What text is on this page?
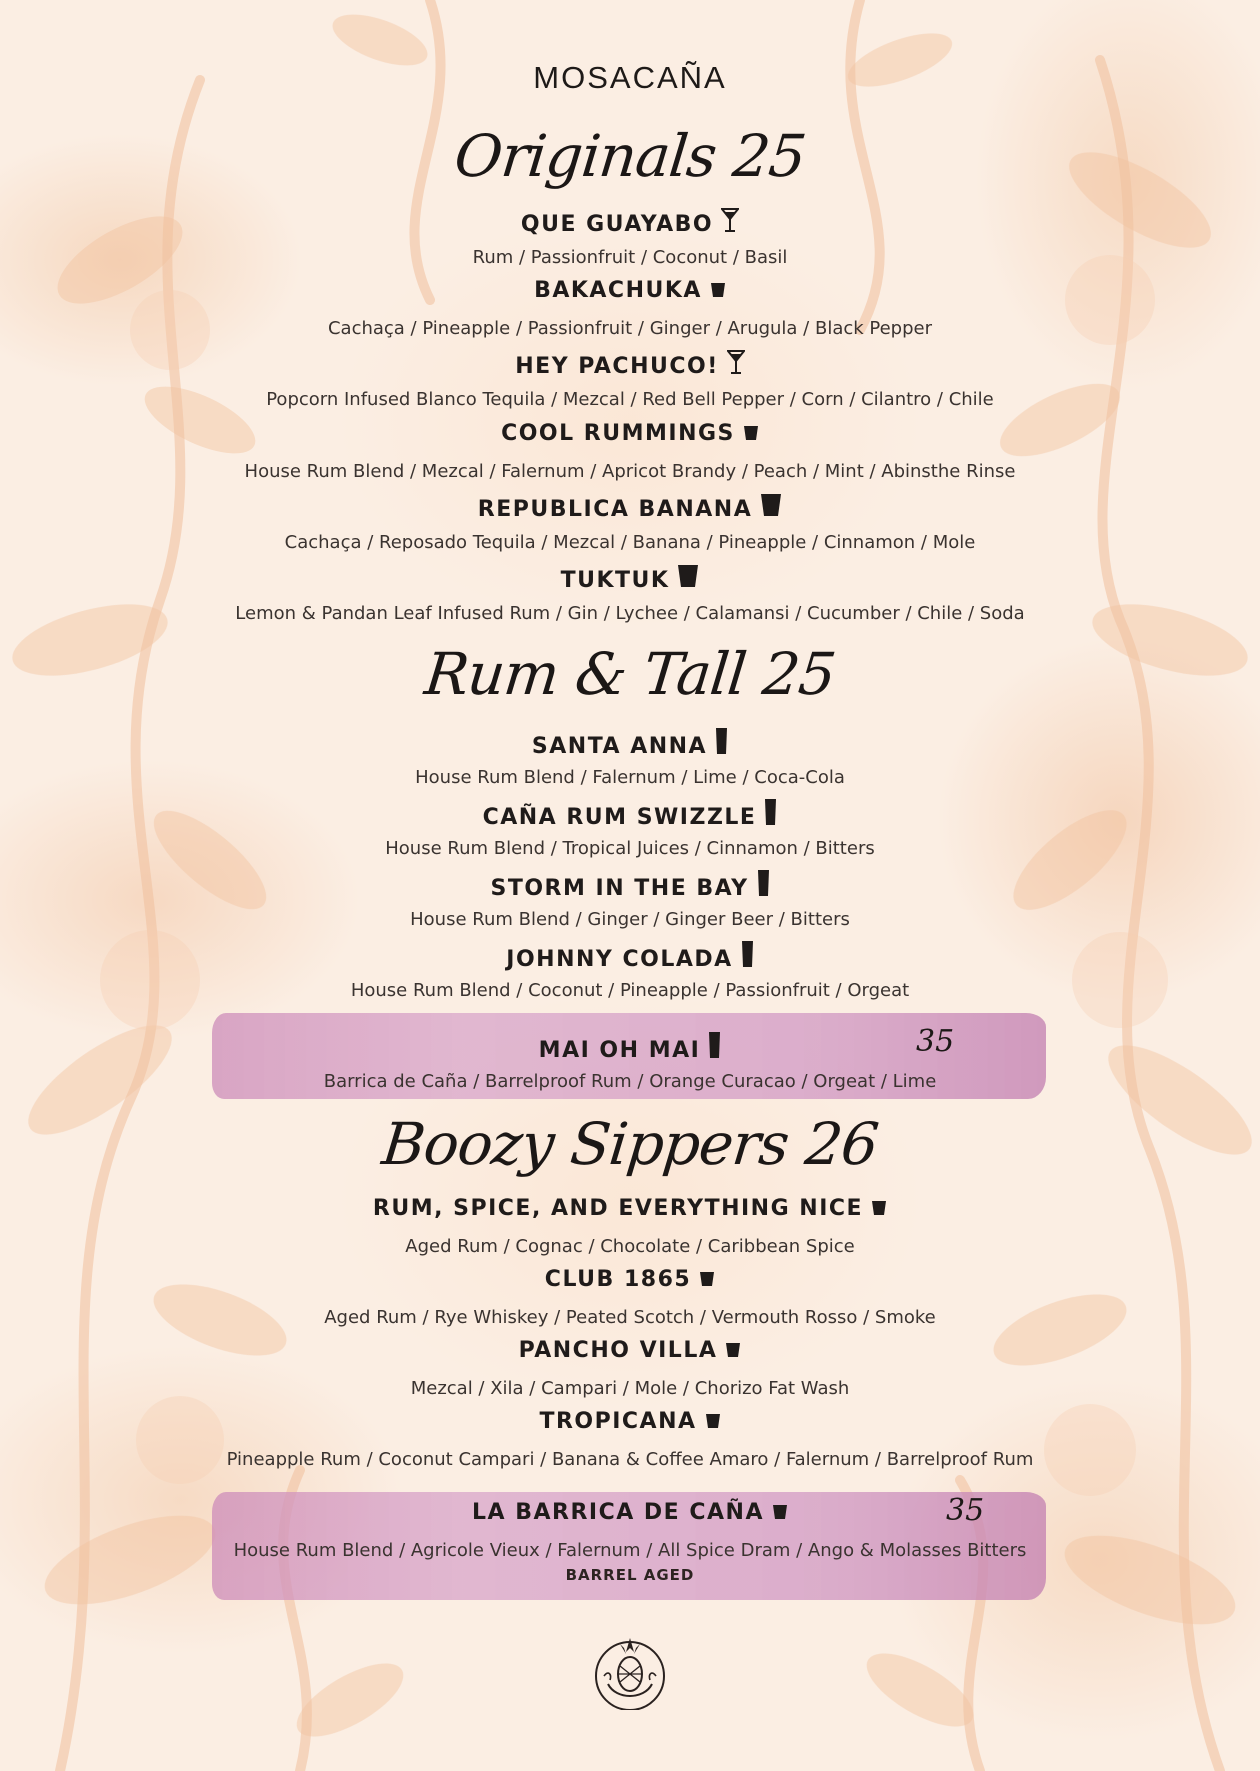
MOSACAÑA
Originals 25
QUE GUAYABO
Rum / Passionfruit / Coconut / Basil
BAKACHUKA
Cachaça / Pineapple / Passionfruit / Ginger / Arugula / Black Pepper
HEY PACHUCO!
Popcorn Infused Blanco Tequila / Mezcal / Red Bell Pepper / Corn / Cilantro / Chile
COOL RUMMINGS
House Rum Blend / Mezcal / Falernum / Apricot Brandy / Peach / Mint / Abinsthe Rinse
REPUBLICA BANANA
Cachaça / Reposado Tequila / Mezcal / Banana / Pineapple / Cinnamon / Mole
TUKTUK
Lemon & Pandan Leaf Infused Rum / Gin / Lychee / Calamansi / Cucumber / Chile / Soda
Rum & Tall 25
SANTA ANNA
House Rum Blend / Falernum / Lime / Coca-Cola
CAÑA RUM SWIZZLE
House Rum Blend / Tropical Juices / Cinnamon / Bitters
STORM IN THE BAY
House Rum Blend / Ginger / Ginger Beer / Bitters
JOHNNY COLADA
House Rum Blend / Coconut / Pineapple / Passionfruit / Orgeat
MAI OH MAI
Barrica de Caña / Barrelproof Rum / Orange Curacao / Orgeat / Lime
35
Boozy Sippers 26
RUM, SPICE, AND EVERYTHING NICE
Aged Rum / Cognac / Chocolate / Caribbean Spice
CLUB 1865
Aged Rum / Rye Whiskey / Peated Scotch / Vermouth Rosso / Smoke
PANCHO VILLA
Mezcal / Xila / Campari / Mole / Chorizo Fat Wash
TROPICANA
Pineapple Rum / Coconut Campari / Banana & Coffee Amaro / Falernum / Barrelproof Rum
LA BARRICA DE CAÑA
House Rum Blend / Agricole Vieux / Falernum / All Spice Dram / Ango & Molasses Bitters
35
BARREL AGED
